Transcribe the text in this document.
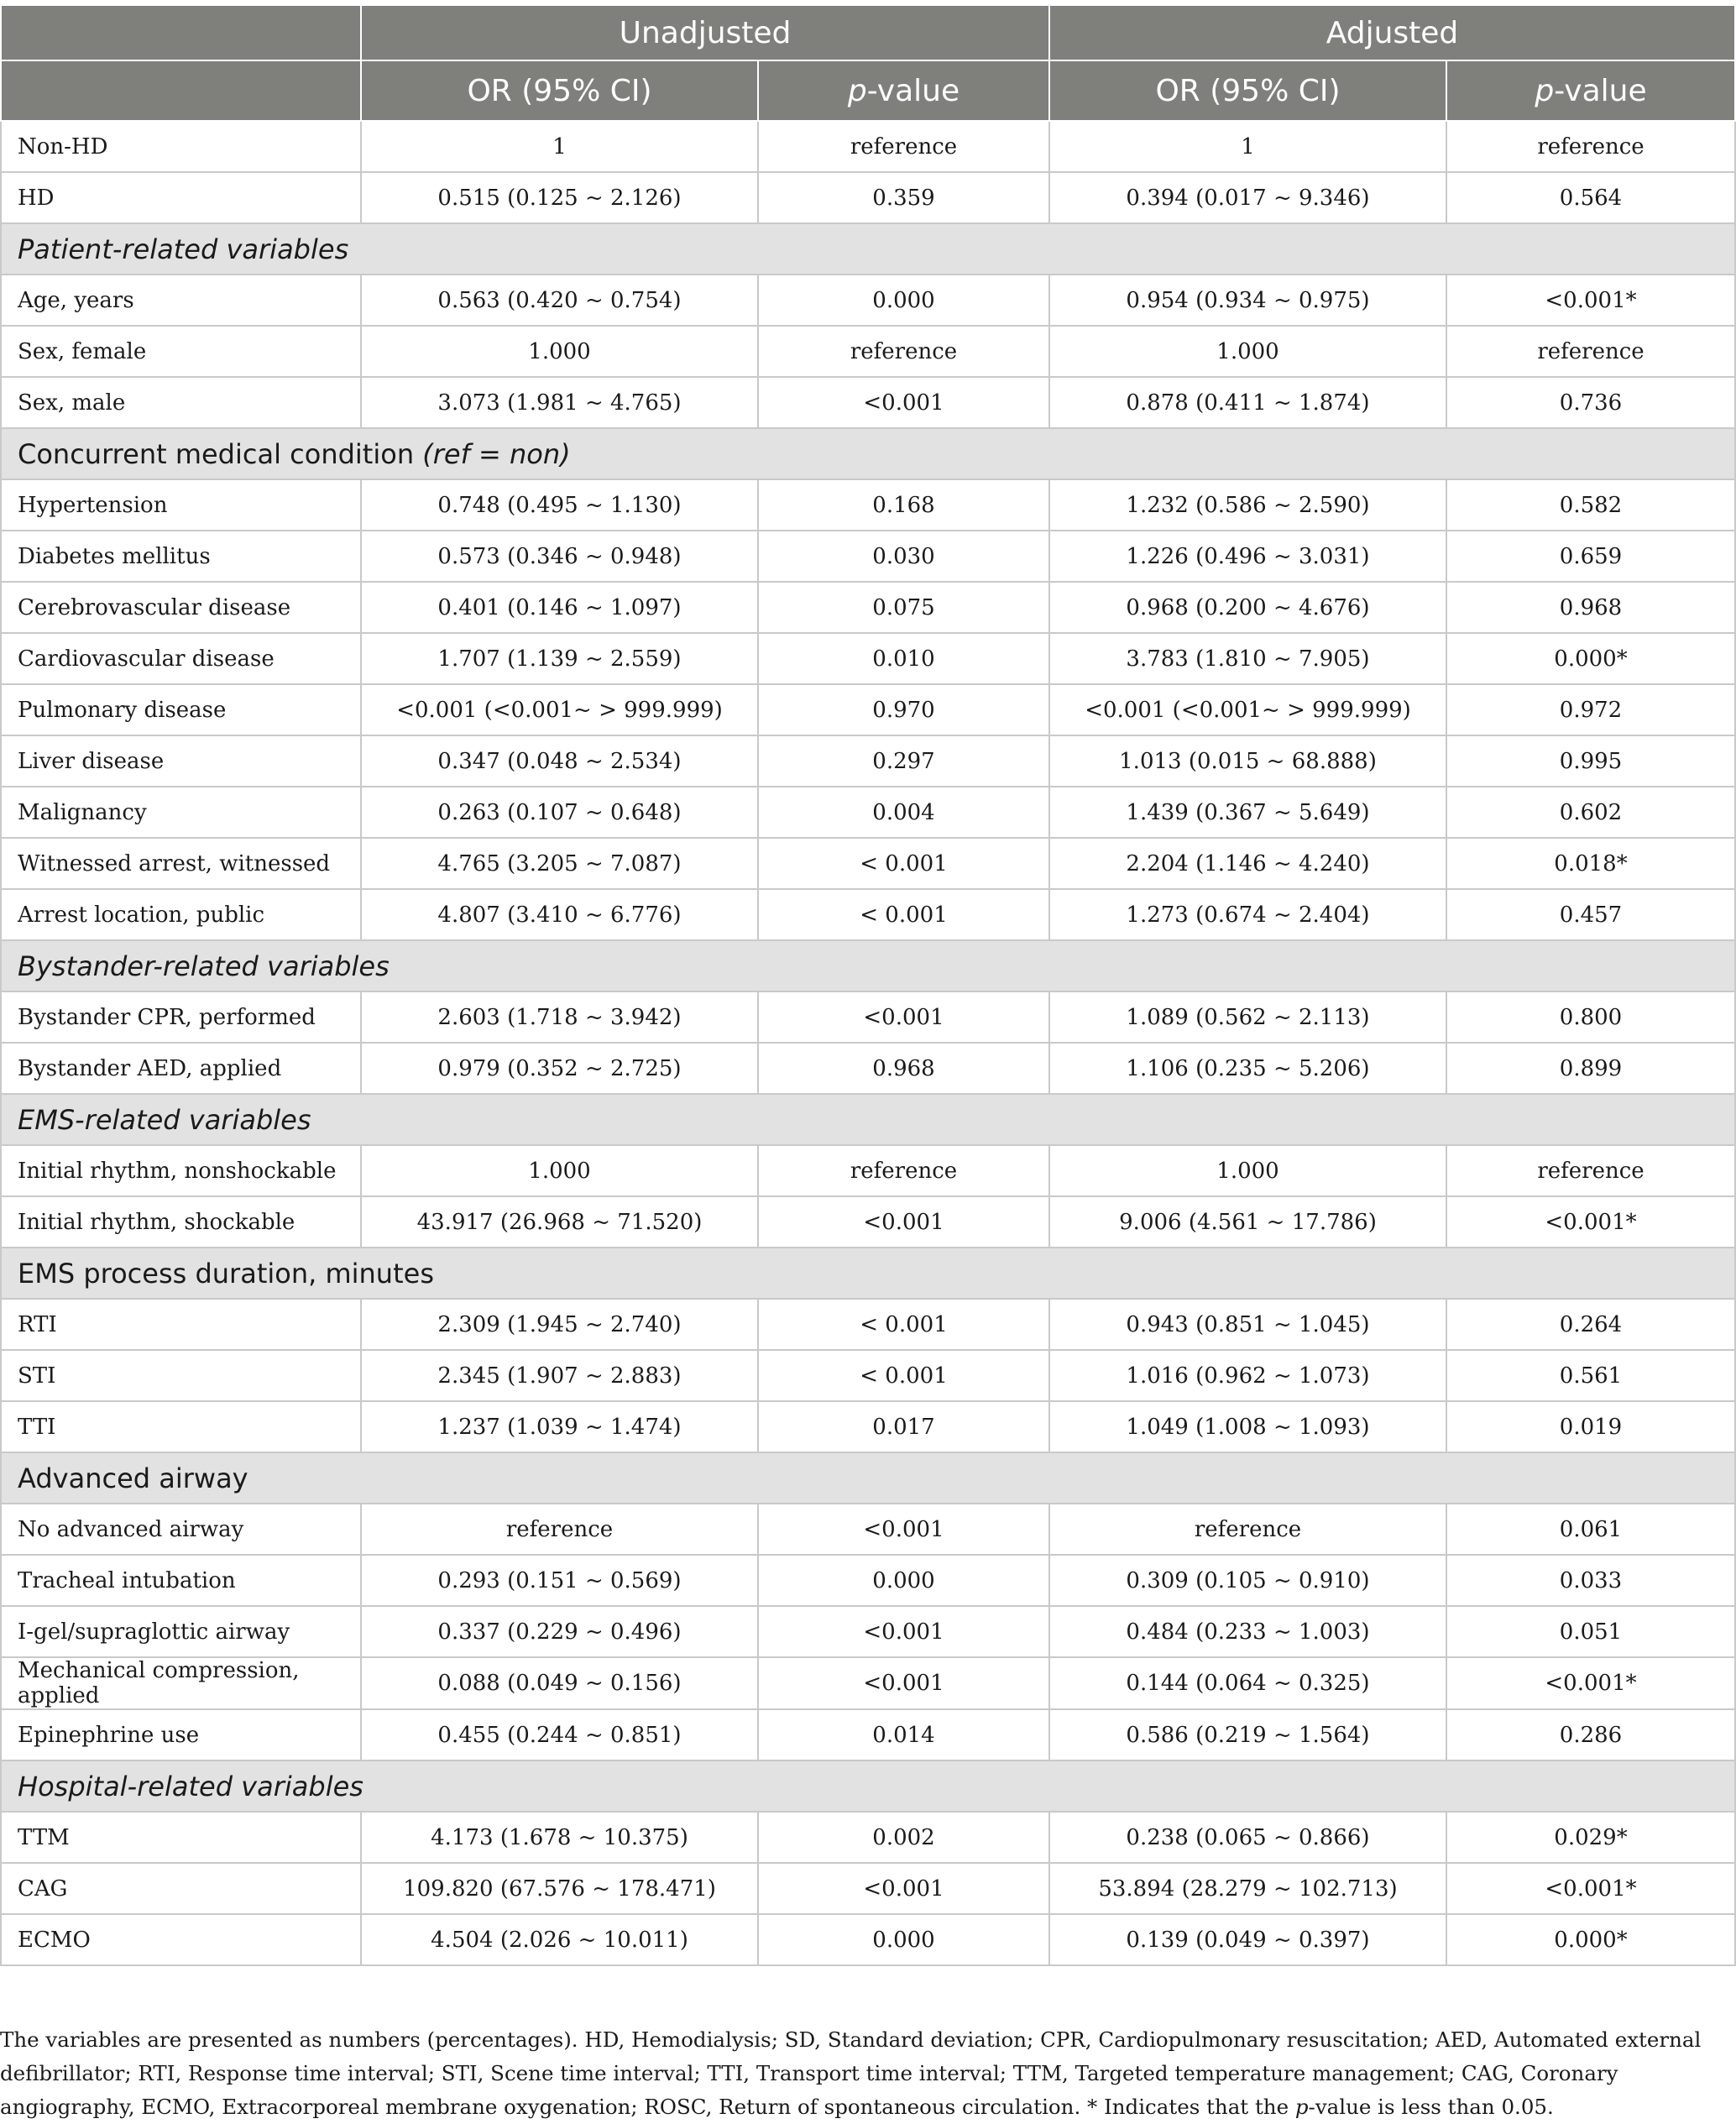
	Unadjusted		Adjusted	
	OR (95% CI)	p-value	OR (95% CI)	p-value
Non-HD	1	reference	1	reference
HD	0.515 (0.125 ~ 2.126)	0.359	0.394 (0.017 ~ 9.346)	0.564
Patient-related variables				
Age, years	0.563 (0.420 ~ 0.754)	0.000	0.954 (0.934 ~ 0.975)	<0.001*
Sex, female	1.000	reference	1.000	reference
Sex, male	3.073 (1.981 ~ 4.765)	<0.001	0.878 (0.411 ~ 1.874)	0.736
Concurrent medical condition (ref = non)				
Hypertension	0.748 (0.495 ~ 1.130)	0.168	1.232 (0.586 ~ 2.590)	0.582
Diabetes mellitus	0.573 (0.346 ~ 0.948)	0.030	1.226 (0.496 ~ 3.031)	0.659
Cerebrovascular disease	0.401 (0.146 ~ 1.097)	0.075	0.968 (0.200 ~ 4.676)	0.968
Cardiovascular disease	1.707 (1.139 ~ 2.559)	0.010	3.783 (1.810 ~ 7.905)	0.000*
Pulmonary disease	<0.001 (<0.001~ > 999.999)	0.970	<0.001 (<0.001~ > 999.999)	0.972
Liver disease	0.347 (0.048 ~ 2.534)	0.297	1.013 (0.015 ~ 68.888)	0.995
Malignancy	0.263 (0.107 ~ 0.648)	0.004	1.439 (0.367 ~ 5.649)	0.602
Witnessed arrest, witnessed	4.765 (3.205 ~ 7.087)	< 0.001	2.204 (1.146 ~ 4.240)	0.018*
Arrest location, public	4.807 (3.410 ~ 6.776)	< 0.001	1.273 (0.674 ~ 2.404)	0.457
Bystander-related variables				
Bystander CPR, performed	2.603 (1.718 ~ 3.942)	<0.001	1.089 (0.562 ~ 2.113)	0.800
Bystander AED, applied	0.979 (0.352 ~ 2.725)	0.968	1.106 (0.235 ~ 5.206)	0.899
EMS-related variables				
Initial rhythm, nonshockable	1.000	reference	1.000	reference
Initial rhythm, shockable	43.917 (26.968 ~ 71.520)	<0.001	9.006 (4.561 ~ 17.786)	<0.001*
EMS process duration, minutes				
RTI	2.309 (1.945 ~ 2.740)	< 0.001	0.943 (0.851 ~ 1.045)	0.264
STI	2.345 (1.907 ~ 2.883)	< 0.001	1.016 (0.962 ~ 1.073)	0.561
TTI	1.237 (1.039 ~ 1.474)	0.017	1.049 (1.008 ~ 1.093)	0.019
Advanced airway				
No advanced airway	reference	<0.001	reference	0.061
Tracheal intubation	0.293 (0.151 ~ 0.569)	0.000	0.309 (0.105 ~ 0.910)	0.033
I-gel/supraglottic airway	0.337 (0.229 ~ 0.496)	<0.001	0.484 (0.233 ~ 1.003)	0.051
Mechanical compression, applied	0.088 (0.049 ~ 0.156)	<0.001	0.144 (0.064 ~ 0.325)	<0.001*
Epinephrine use	0.455 (0.244 ~ 0.851)	0.014	0.586 (0.219 ~ 1.564)	0.286
Hospital-related variables				
TTM	4.173 (1.678 ~ 10.375)	0.002	0.238 (0.065 ~ 0.866)	0.029*
CAG	109.820 (67.576 ~ 178.471)	<0.001	53.894 (28.279 ~ 102.713)	<0.001*
ECMO	4.504 (2.026 ~ 10.011)	0.000	0.139 (0.049 ~ 0.397)	0.000*
The variables are presented as numbers (percentages). HD, Hemodialysis; SD, Standard deviation; CPR, Cardiopulmonary resuscitation; AED, Automated external defibrillator; RTI, Response time interval; STI, Scene time interval; TTI, Transport time interval; TTM, Targeted temperature management; CAG, Coronary angiography, ECMO, Extracorporeal membrane oxygenation; ROSC, Return of spontaneous circulation. * Indicates that the p-value is less than 0.05.
